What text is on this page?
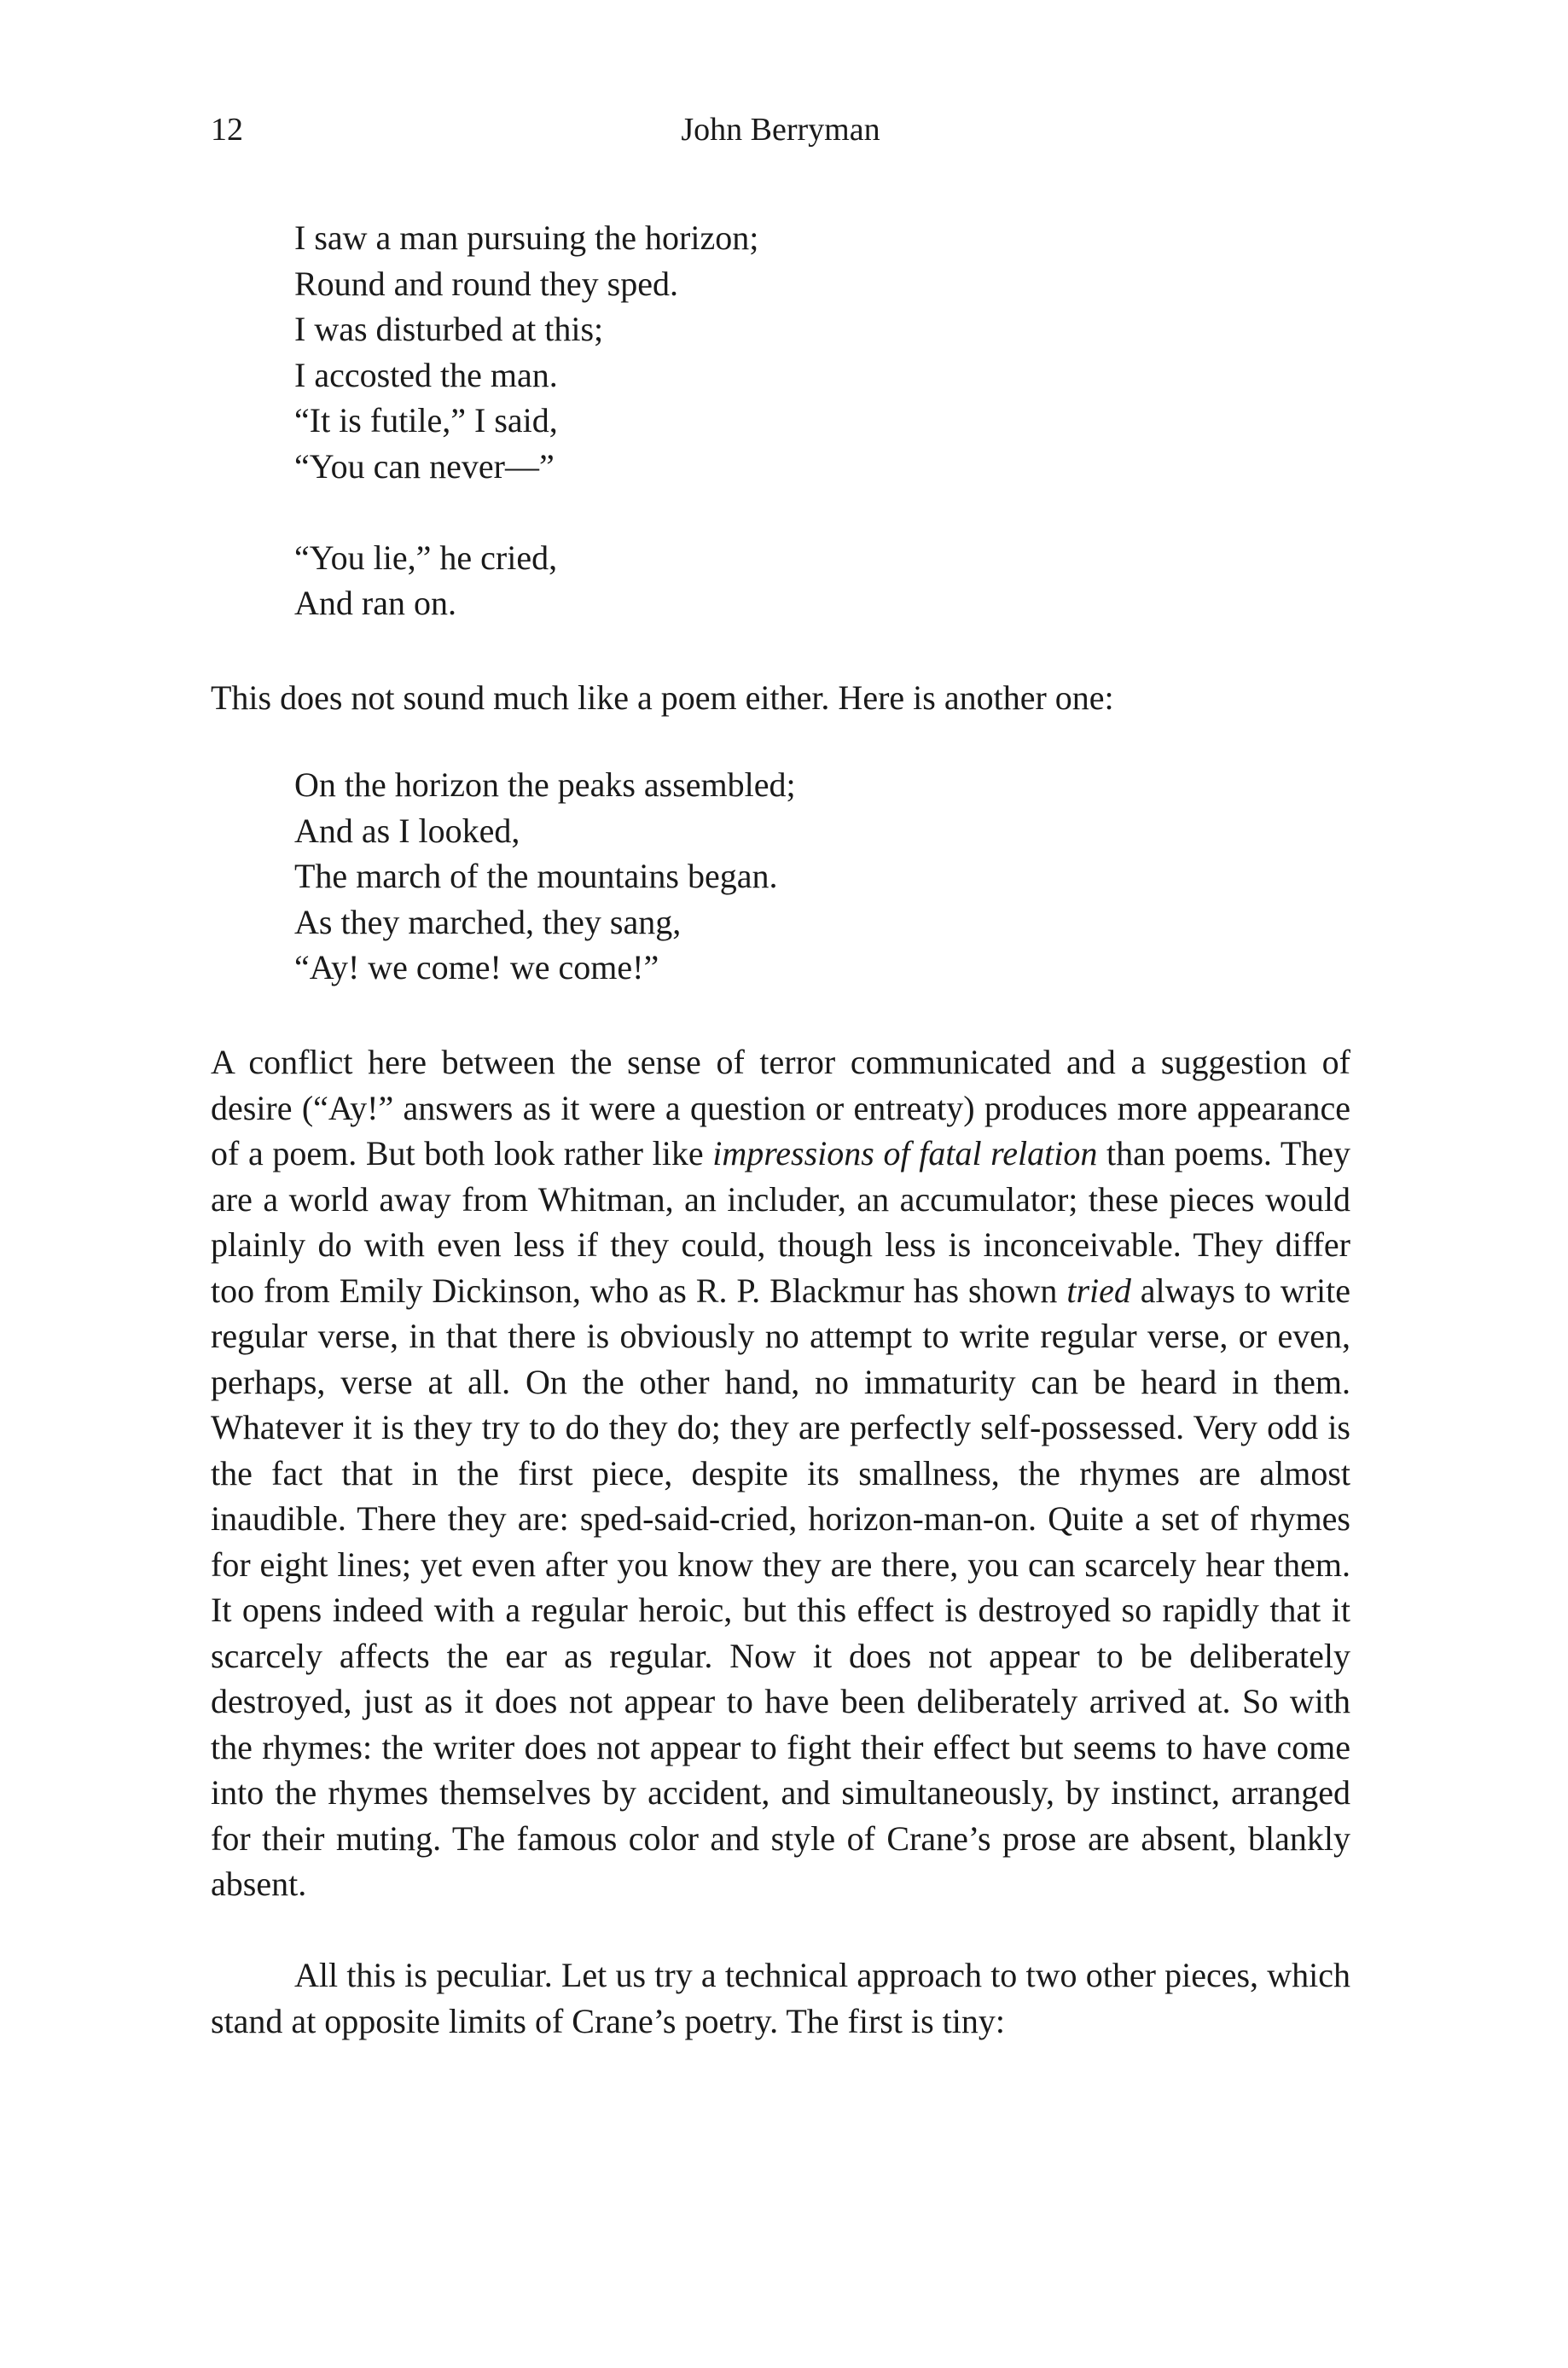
12	John Berryman
I saw a man pursuing the horizon;
Round and round they sped.
I was disturbed at this;
I accosted the man.
“It is futile,” I said,
“You can never—”
“You lie,” he cried,
And ran on.

This does not sound much like a poem either. Here is another one:

On the horizon the peaks assembled;
And as I looked,
The march of the mountains began.
As they marched, they sang,
“Ay! we come! we come!”

A conflict here between the sense of terror communicated and a suggestion of desire (“Ay!” answers as it were a question or entreaty) produces more appearance of a poem. But both look rather like impressions of fatal relation than poems. They are a world away from Whitman, an includer, an accumulator; these pieces would plainly do with even less if they could, though less is inconceivable. They differ too from Emily Dickinson, who as R. P. Blackmur has shown tried always to write regular verse, in that there is obviously no attempt to write regular verse, or even, perhaps, verse at all. On the other hand, no immaturity can be heard in them. Whatever it is they try to do they do; they are perfectly self-possessed. Very odd is the fact that in the first piece, despite its smallness, the rhymes are almost inaudible. There they are: sped-said-cried, horizon-man-on. Quite a set of rhymes for eight lines; yet even after you know they are there, you can scarcely hear them. It opens indeed with a regular heroic, but this effect is destroyed so rapidly that it scarcely affects the ear as regular. Now it does not appear to be deliberately destroyed, just as it does not appear to have been deliberately arrived at. So with the rhymes: the writer does not appear to fight their effect but seems to have come into the rhymes themselves by accident, and simultaneously, by instinct, arranged for their muting. The famous color and style of Crane’s prose are absent, blankly absent.

All this is peculiar. Let us try a technical approach to two other pieces, which stand at opposite limits of Crane’s poetry. The first is tiny:
